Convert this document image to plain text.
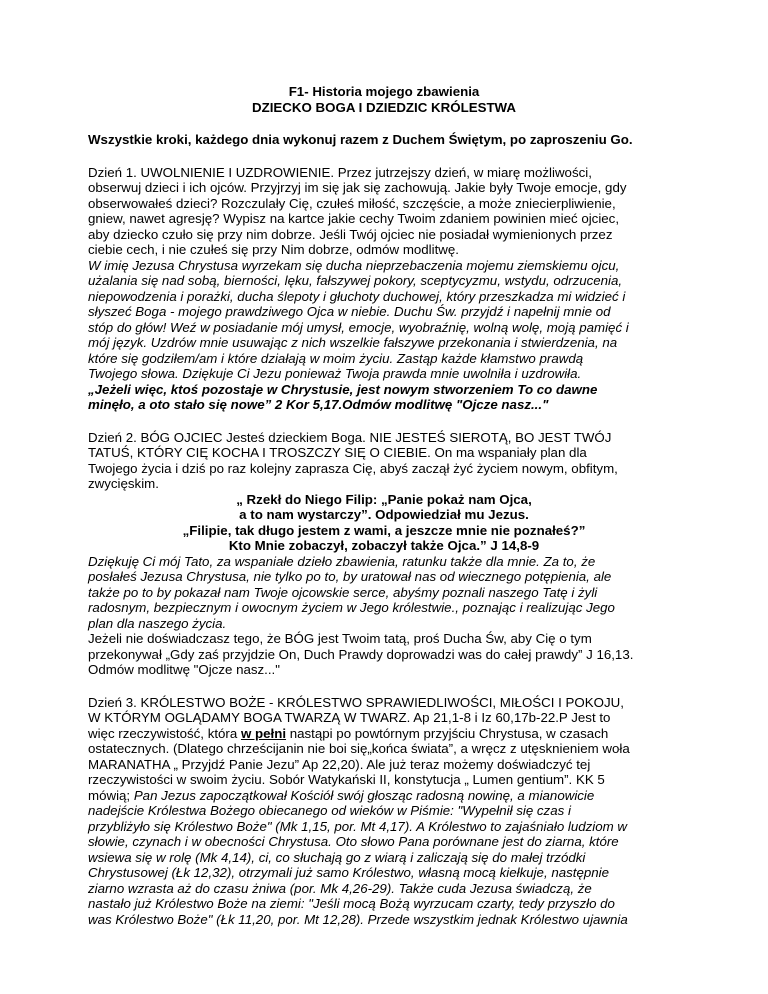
F1- Historia mojego zbawienia
DZIECKO BOGA I DZIEDZIC KRÓLESTWA
Wszystkie kroki, każdego dnia wykonuj razem z Duchem Świętym, po zaproszeniu Go.
Dzień 1. UWOLNIENIE I UZDROWIENIE. Przez jutrzejszy dzień, w miarę możliwości,
obserwuj dzieci i ich ojców. Przyjrzyj im się jak się zachowują. Jakie były Twoje emocje, gdy
obserwowałeś dzieci? Rozczulały Cię, czułeś miłość, szczęście, a może zniecierpliwienie,
gniew, nawet agresję? Wypisz na kartce jakie cechy Twoim zdaniem powinien mieć ojciec,
aby dziecko czuło się przy nim dobrze. Jeśli Twój ojciec nie posiadał wymienionych przez
ciebie cech, i nie czułeś się przy Nim dobrze, odmów modlitwę.
W imię Jezusa Chrystusa wyrzekam się ducha nieprzebaczenia mojemu ziemskiemu ojcu,
użalania się nad sobą, bierności, lęku, fałszywej pokory, sceptycyzmu, wstydu, odrzucenia,
niepowodzenia i porażki, ducha ślepoty i głuchoty duchowej, który przeszkadza mi widzieć i
słyszeć Boga - mojego prawdziwego Ojca w niebie. Duchu Św. przyjdź i napełnij mnie od
stóp do głów! Weź w posiadanie mój umysł, emocje, wyobraźnię, wolną wolę, moją pamięć i
mój język. Uzdrów mnie usuwając z nich wszelkie fałszywe przekonania i stwierdzenia, na
które się godziłem/am i które działają w moim życiu. Zastąp każde kłamstwo prawdą
Twojego słowa. Dziękuje Ci Jezu ponieważ Twoja prawda mnie uwolniła i uzdrowiła.
„Jeżeli więc, ktoś pozostaje w Chrystusie, jest nowym stworzeniem To co dawne
minęło, a oto stało się nowe” 2 Kor 5,17.Odmów modlitwę "Ojcze nasz..."
Dzień 2. BÓG OJCIEC Jesteś dzieckiem Boga. NIE JESTEŚ SIEROTĄ, BO JEST TWÓJ
TATUŚ, KTÓRY CIĘ KOCHA I TROSZCZY SIĘ O CIEBIE. On ma wspaniały plan dla
Twojego życia i dziś po raz kolejny zaprasza Cię, abyś zaczął żyć życiem nowym, obfitym,
zwycięskim.
„ Rzekł do Niego Filip: „Panie pokaż nam Ojca,
a to nam wystarczy”. Odpowiedział mu Jezus.
„Filipie, tak długo jestem z wami, a jeszcze mnie nie poznałeś?”
Kto Mnie zobaczył, zobaczył także Ojca.” J 14,8-9
Dziękuję Ci mój Tato, za wspaniałe dzieło zbawienia, ratunku także dla mnie. Za to, że
posłałeś Jezusa Chrystusa, nie tylko po to, by uratował nas od wiecznego potępienia, ale
także po to by pokazał nam Twoje ojcowskie serce, abyśmy poznali naszego Tatę i żyli
radosnym, bezpiecznym i owocnym życiem w Jego królestwie., poznając i realizując Jego
plan dla naszego życia.
Jeżeli nie doświadczasz tego, że BÓG jest Twoim tatą, proś Ducha Św, aby Cię o tym
przekonywał „Gdy zaś przyjdzie On, Duch Prawdy doprowadzi was do całej prawdy” J 16,13.
Odmów modlitwę "Ojcze nasz..."
Dzień 3. KRÓLESTWO BOŻE - KRÓLESTWO SPRAWIEDLIWOŚCI, MIŁOŚCI I POKOJU,
W KTÓRYM OGLĄDAMY BOGA TWARZĄ W TWARZ. Ap 21,1-8 i Iz 60,17b-22.P Jest to
więc rzeczywistość, która w pełni nastąpi po powtórnym przyjściu Chrystusa, w czasach
ostatecznych. (Dlatego chrześcijanin nie boi się„końca świata”, a wręcz z utęsknieniem woła
MARANATHA „ Przyjdź Panie Jezu” Ap 22,20). Ale już teraz możemy doświadczyć tej
rzeczywistości w swoim życiu. Sobór Watykański II, konstytucja „ Lumen gentium”. KK 5
mówią; Pan Jezus zapoczątkował Kościół swój głosząc radosną nowinę, a mianowicie
nadejście Królestwa Bożego obiecanego od wieków w Piśmie: "Wypełnił się czas i
przybliżyło się Królestwo Boże" (Mk 1,15, por. Mt 4,17). A Królestwo to zajaśniało ludziom w
słowie, czynach i w obecności Chrystusa. Oto słowo Pana porównane jest do ziarna, które
wsiewa się w rolę (Mk 4,14), ci, co słuchają go z wiarą i zaliczają się do małej trzódki
Chrystusowej (Łk 12,32), otrzymali już samo Królestwo, własną mocą kiełkuje, następnie
ziarno wzrasta aż do czasu żniwa (por. Mk 4,26-29). Także cuda Jezusa świadczą, że
nastało już Królestwo Boże na ziemi: "Jeśli mocą Bożą wyrzucam czarty, tedy przyszło do
was Królestwo Boże" (Łk 11,20, por. Mt 12,28). Przede wszystkim jednak Królestwo ujawnia
